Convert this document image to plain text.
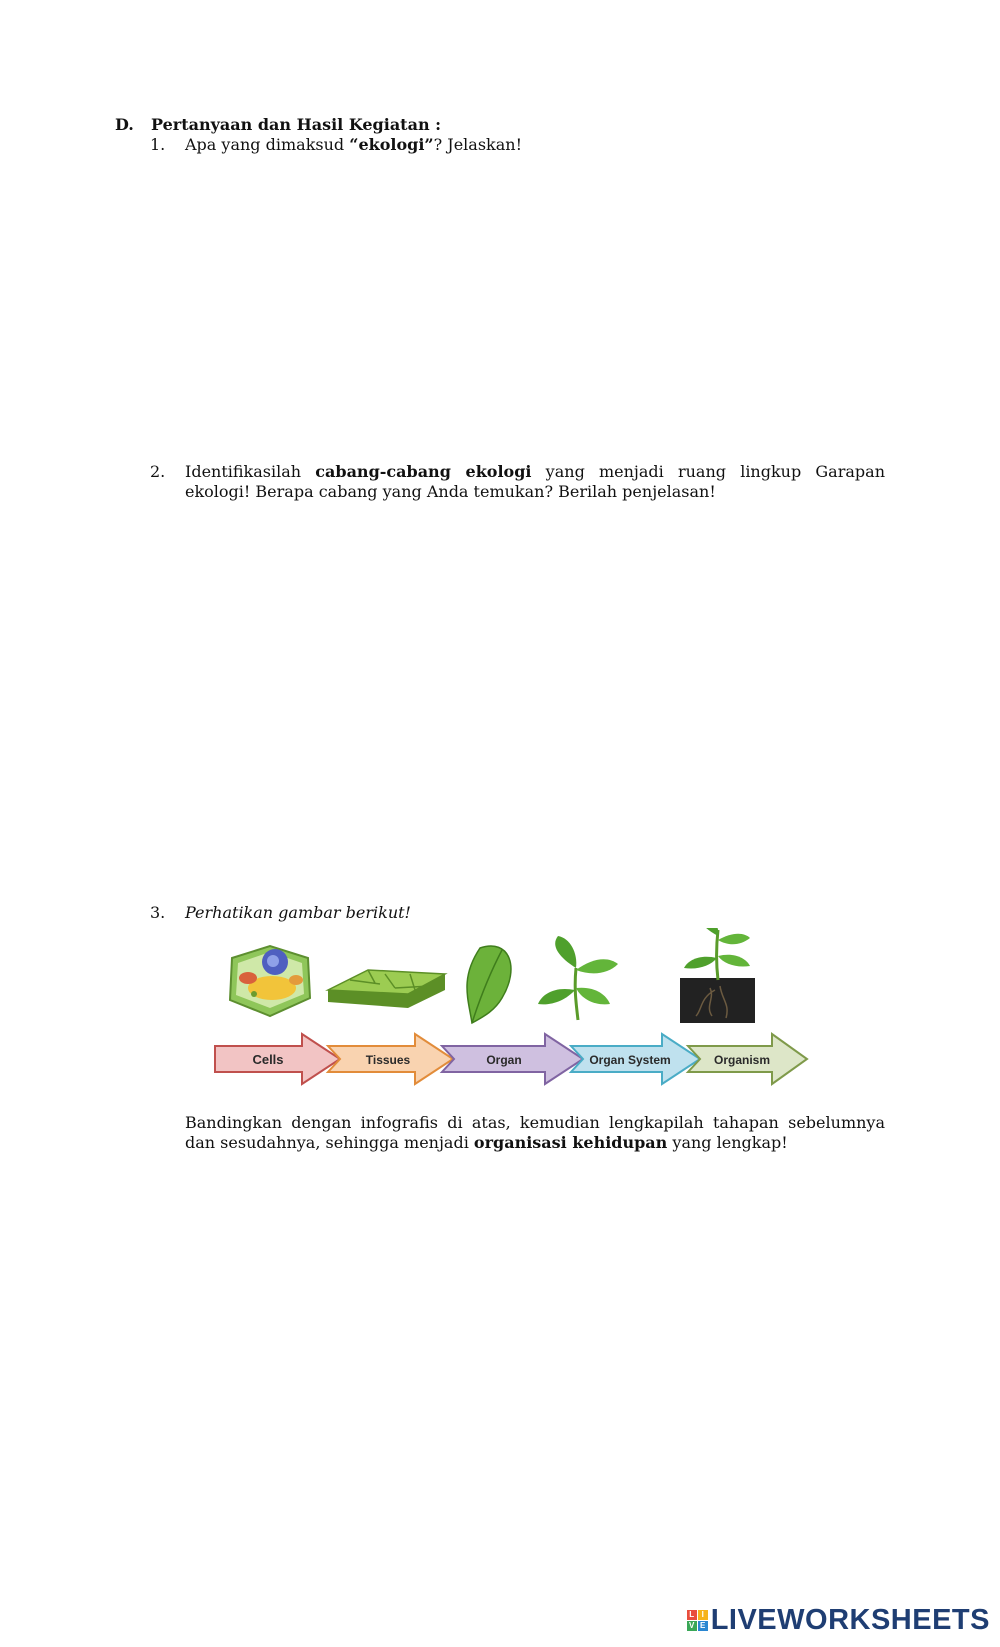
D. Pertanyaan dan Hasil Kegiatan :
1.	Apa yang dimaksud “ekologi”? Jelaskan!
2.	Identifikasilah cabang-cabang ekologi yang menjadi ruang lingkup Garapan ekologi! Berapa cabang yang Anda temukan? Berilah penjelasan!
3.	Perhatikan gambar berikut!
Cells	Tissues	Organ	Organ System	Organism
Bandingkan dengan infografis di atas, kemudian lengkapilah tahapan sebelumnya dan sesudahnya, sehingga menjadi organisasi kehidupan yang lengkap!
L I
V E LIVEWORKSHEETS
